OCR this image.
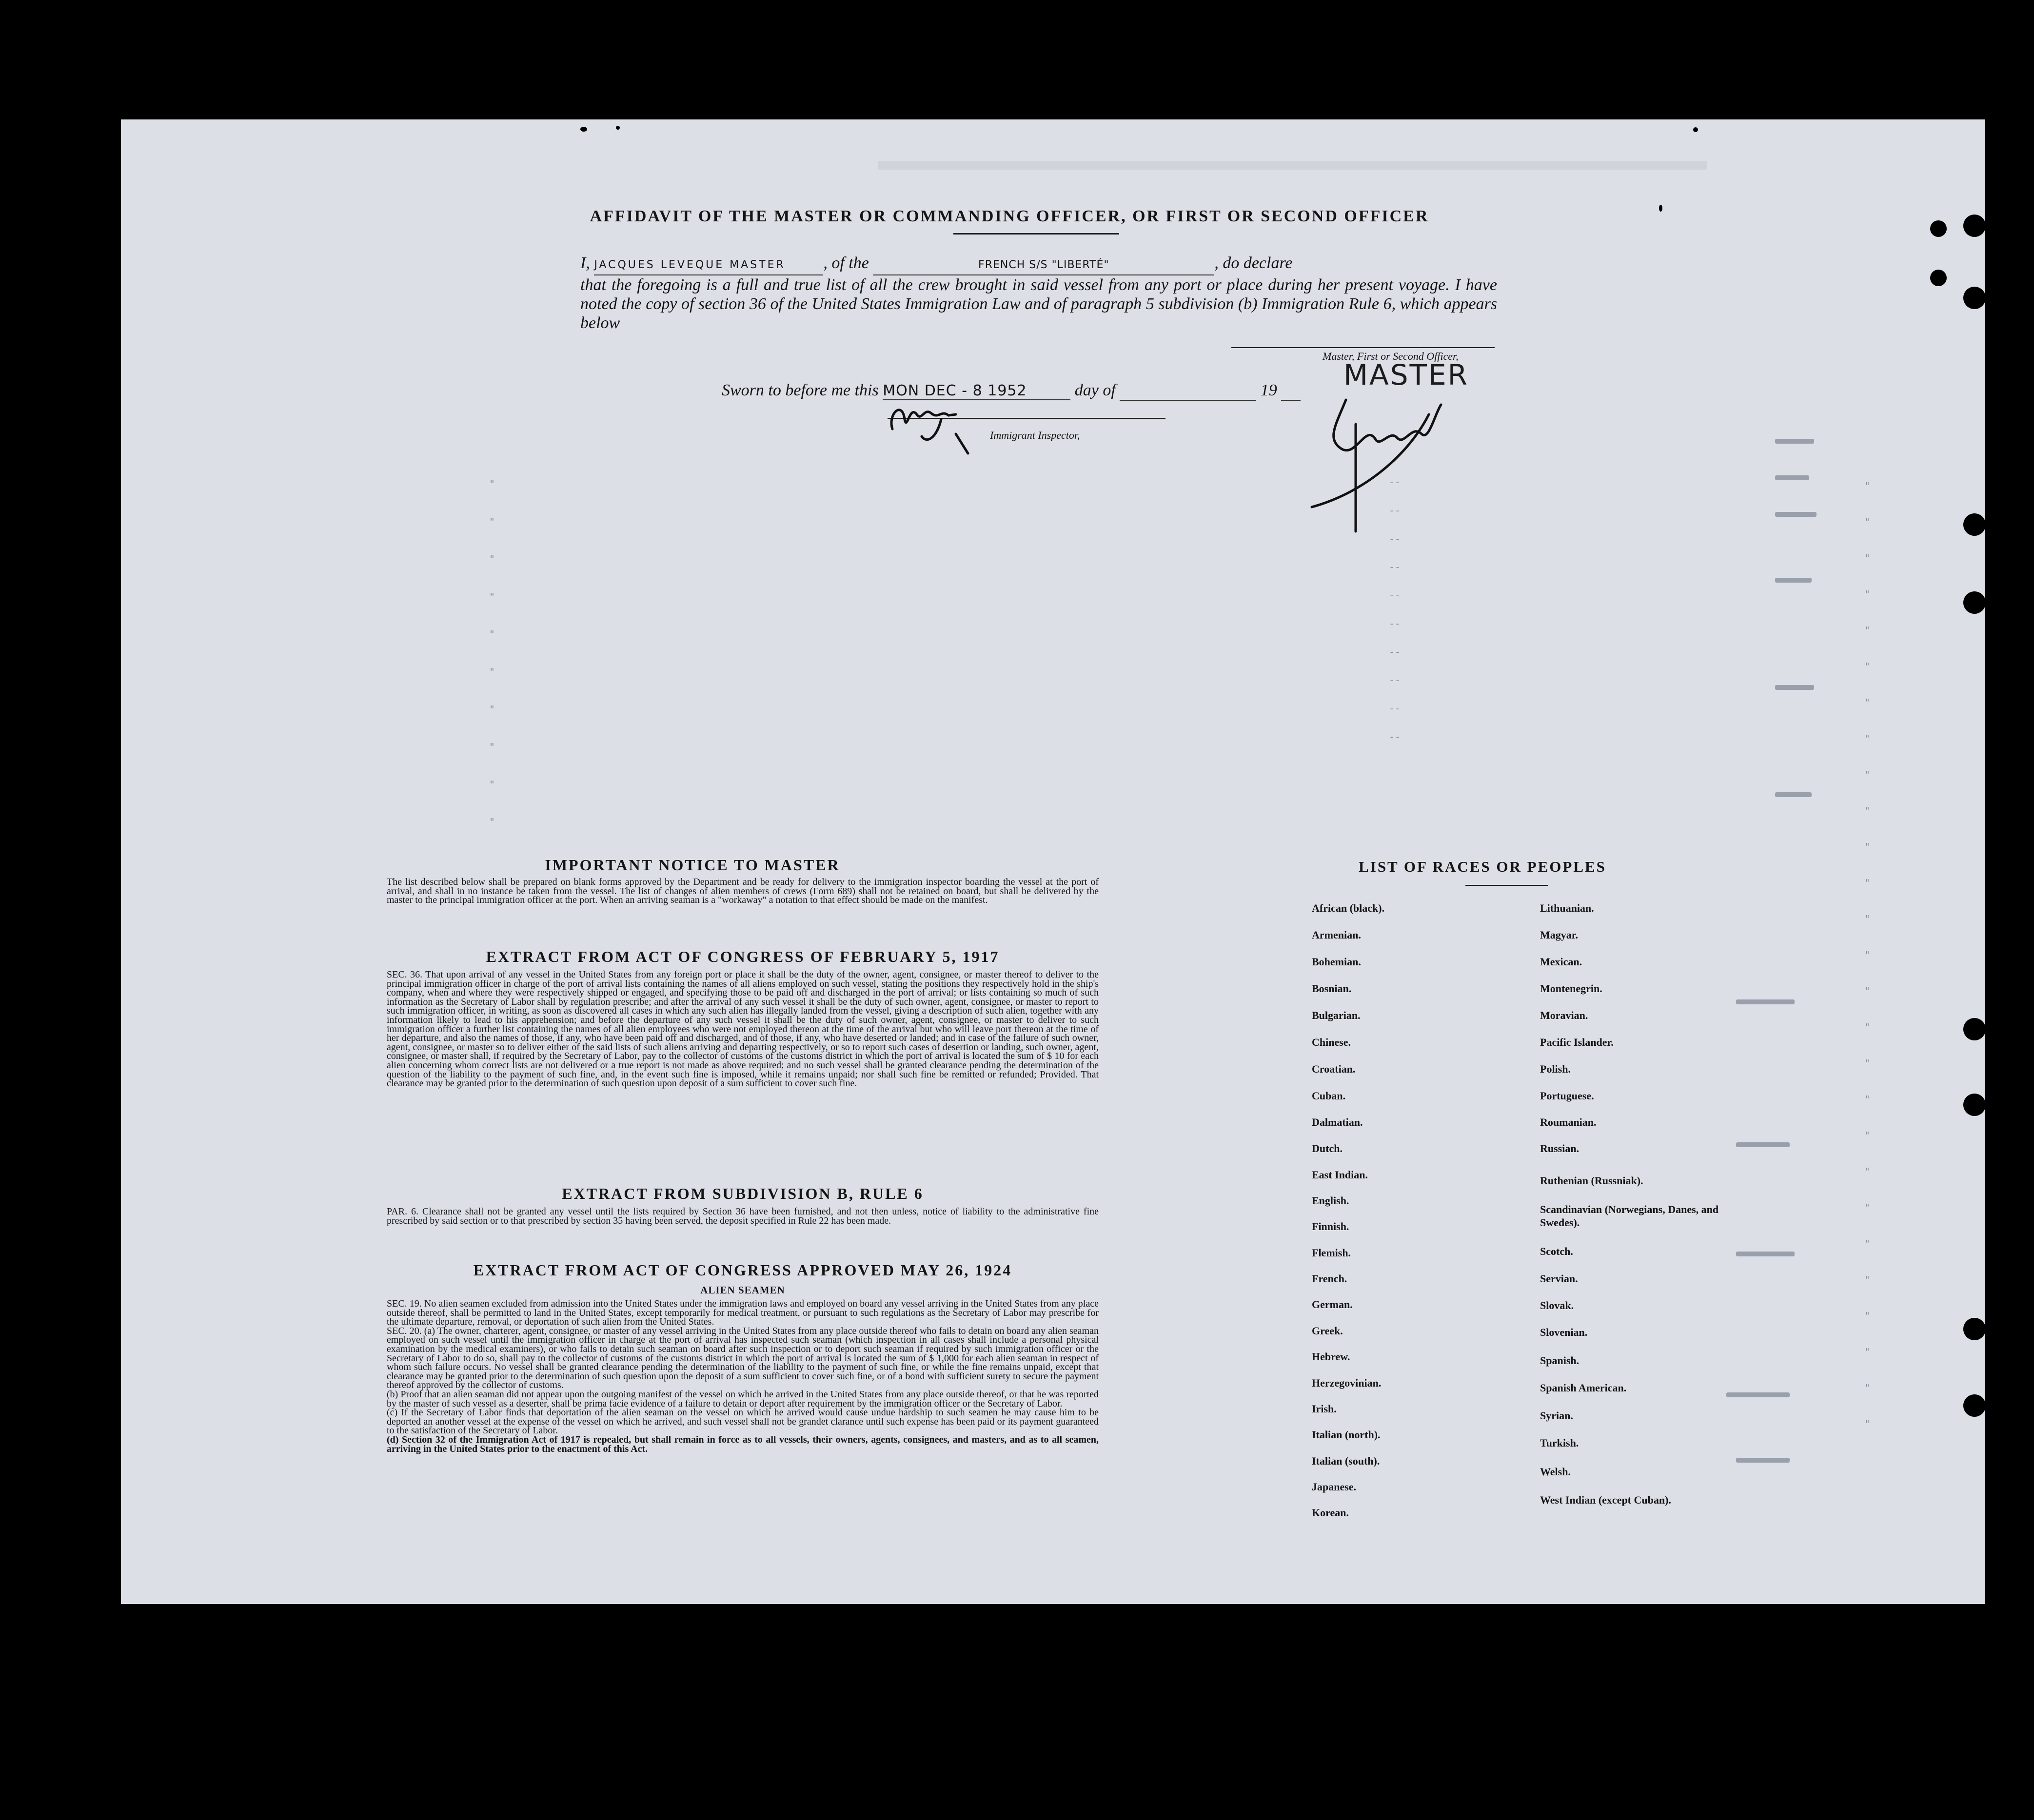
AFFIDAVIT OF THE MASTER OR COMMANDING OFFICER, OR FIRST OR SECOND OFFICER
I, JACQUES LEVEQUE MASTER , of the	FRENCH S/S "LIBERTÉ"	, do declare
that the foregoing is a full and true list of all the crew brought in said vessel from any port or place during her present voyage. I have noted the copy of section 36 of the United States Immigration Law and of paragraph 5 subdivision (b) Immigration Rule 6, which appears below
Master, First or Second Officer,
MASTER
Sworn to before me this MON DEC - 8 1952	day of	19
Immigrant Inspector,
"
"
"
"
"
"
"
"
"
"
--
--
--
--
--
--
--
--
--
--
"
"
"
"
"
"
"
"
"
"
"
"
"
"
"
"
"
"
"
"
"
"
"
"
"
"
"
IMPORTANT NOTICE TO MASTER
The list described below shall be prepared on blank forms approved by the Department and be ready for delivery to the immigration inspector boarding the vessel at the port of arrival, and shall in no instance be taken from the vessel. The list of changes of alien members of crews (Form 689) shall not be retained on board, but shall be delivered by the master to the principal immigration officer at the port. When an arriving seaman is a "workaway" a notation to that effect should be made on the manifest.
EXTRACT FROM ACT OF CONGRESS OF FEBRUARY 5, 1917
SEC. 36. That upon arrival of any vessel in the United States from any foreign port or place it shall be the duty of the owner, agent, consignee, or master thereof to deliver to the principal immigration officer in charge of the port of arrival lists containing the names of all aliens employed on such vessel, stating the positions they respectively hold in the ship's company, when and where they were respectively shipped or engaged, and specifying those to be paid off and discharged in the port of arrival; or lists containing so much of such information as the Secretary of Labor shall by regulation prescribe; and after the arrival of any such vessel it shall be the duty of such owner, agent, consignee, or master to report to such immigration officer, in writing, as soon as discovered all cases in which any such alien has illegally landed from the vessel, giving a description of such alien, together with any information likely to lead to his apprehension; and before the departure of any such vessel it shall be the duty of such owner, agent, consignee, or master to deliver to such immigration officer a further list containing the names of all alien employees who were not employed thereon at the time of the arrival but who will leave port thereon at the time of her departure, and also the names of those, if any, who have been paid off and discharged, and of those, if any, who have deserted or landed; and in case of the failure of such owner, agent, consignee, or master so to deliver either of the said lists of such aliens arriving and departing respectively, or so to report such cases of desertion or landing, such owner, agent, consignee, or master shall, if required by the Secretary of Labor, pay to the collector of customs of the customs district in which the port of arrival is located the sum of $ 10 for each alien concerning whom correct lists are not delivered or a true report is not made as above required; and no such vessel shall be granted clearance pending the determination of the question of the liability to the payment of such fine, and, in the event such fine is imposed, while it remains unpaid; nor shall such fine be remitted or refunded; Provided. That clearance may be granted prior to the determination of such question upon deposit of a sum sufficient to cover such fine.
EXTRACT FROM SUBDIVISION B, RULE 6
PAR. 6. Clearance shall not be granted any vessel until the lists required by Section 36 have been furnished, and not then unless, notice of liability to the administrative fine prescribed by said section or to that prescribed by section 35 having been served, the deposit specified in Rule 22 has been made.
EXTRACT FROM ACT OF CONGRESS APPROVED MAY 26, 1924
ALIEN SEAMEN

SEC. 19. No alien seamen excluded from admission into the United States under the immigration laws and employed on board any vessel arriving in the United States from any place outside thereof, shall be permitted to land in the United States, except temporarily for medical treatment, or pursuant to such regulations as the Secretary of Labor may prescribe for the ultimate departure, removal, or deportation of such alien from the United States.

SEC. 20. (a) The owner, charterer, agent, consignee, or master of any vessel arriving in the United States from any place outside thereof who fails to detain on board any alien seaman employed on such vessel until the immigration officer in charge at the port of arrival has inspected such seaman (which inspection in all cases shall include a personal physical examination by the medical examiners), or who fails to detain such seaman on board after such inspection or to deport such seaman if required by such immigration officer or the Secretary of Labor to do so, shall pay to the collector of customs of the customs district in which the port of arrival is located the sum of $ 1,000 for each alien seaman in respect of whom such failure occurs. No vessel shall be granted clearance pending the determination of the liability to the payment of such fine, or while the fine remains unpaid, except that clearance may be granted prior to the determination of such question upon the deposit of a sum sufficient to cover such fine, or of a bond with sufficient surety to secure the payment thereof approved by the collector of customs.

(b) Proof that an alien seaman did not appear upon the outgoing manifest of the vessel on which he arrived in the United States from any place outside thereof, or that he was reported by the master of such vessel as a deserter, shall be prima facie evidence of a failure to detain or deport after requirement by the immigration officer or the Secretary of Labor.

(c) If the Secretary of Labor finds that deportation of the alien seaman on the vessel on which he arrived would cause undue hardship to such seamen he may cause him to be deported an another vessel at the expense of the vessel on which he arrived, and such vessel shall not be grandet clarance until such expense has been paid or its payment guaranteed to the satisfaction of the Secretary of Labor.

(d) Section 32 of the Immigration Act of 1917 is repealed, but shall remain in force as to all vessels, their owners, agents, consignees, and masters, and as to all seamen, arriving in the United States prior to the enactment of this Act.

LIST OF RACES OR PEOPLES
African (black).
Armenian.
Bohemian.
Bosnian.
Bulgarian.
Chinese.
Croatian.
Cuban.
Dalmatian.
Dutch.
East Indian.
English.
Finnish.
Flemish.
French.
German.
Greek.
Hebrew.
Herzegovinian.
Irish.
Italian (north).
Italian (south).
Japanese.
Korean.
Lithuanian.
Magyar.
Mexican.
Montenegrin.
Moravian.
Pacific Islander.
Polish.
Portuguese.
Roumanian.
Russian.
Ruthenian (Russniak).
Scandinavian (Norwegians, Danes, and Swedes).
Scotch.
Servian.
Slovak.
Slovenian.
Spanish.
Spanish American.
Syrian.
Turkish.
Welsh.
West Indian (except Cuban).
